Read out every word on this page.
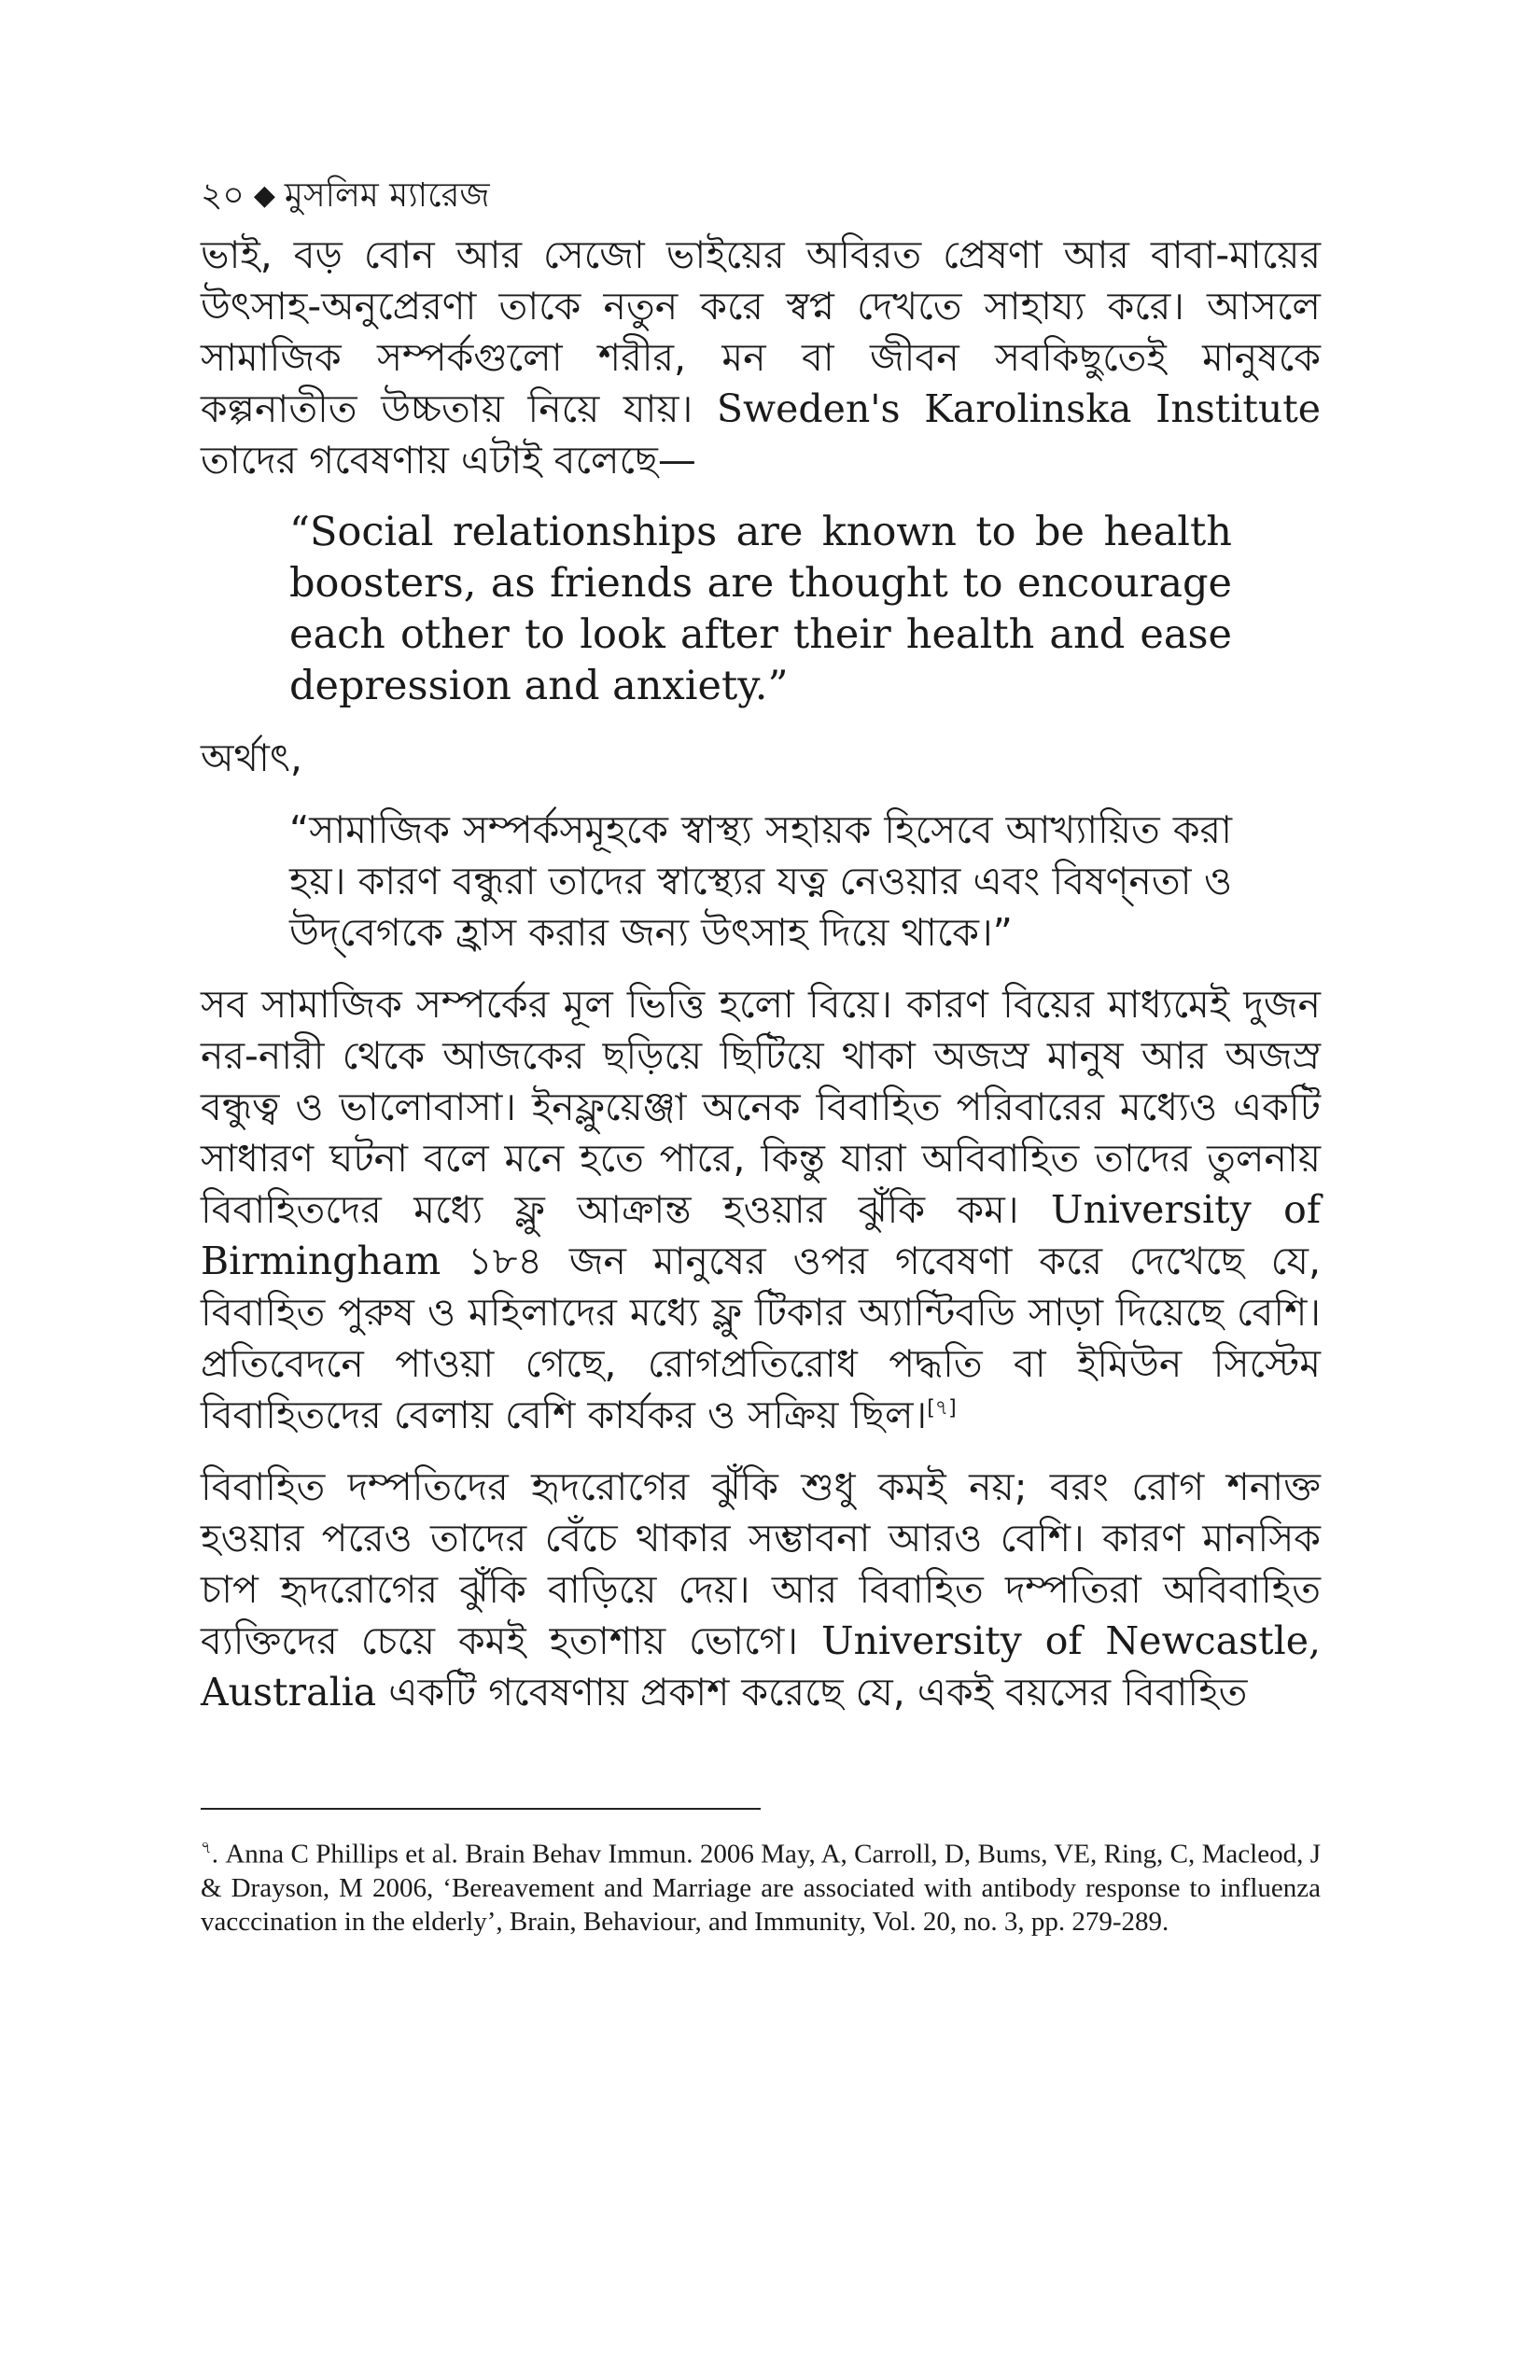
২০ ◆ মুসলিম ম্যারেজ

ভাই, বড় বোন আর সেজো ভাইয়ের অবিরত প্রেষণা আর বাবা-মায়ের উৎসাহ-অনুপ্রেরণা তাকে নতুন করে স্বপ্ন দেখতে সাহায্য করে। আসলে সামাজিক সম্পর্কগুলো শরীর, মন বা জীবন সবকিছুতেই মানুষকে কল্পনাতীত উচ্চতায় নিয়ে যায়। Sweden's Karolinska Institute তাদের গবেষণায় এটাই বলেছে—

“Social relationships are known to be health boosters, as friends are thought to encourage each other to look after their health and ease depression and anxiety.”
অর্থাৎ,
“সামাজিক সম্পর্কসমূহকে স্বাস্থ্য সহায়ক হিসেবে আখ্যায়িত করা হয়। কারণ বন্ধুরা তাদের স্বাস্থ্যের যত্ন নেওয়ার এবং বিষণ্নতা ও উদ্‌বেগকে হ্রাস করার জন্য উৎসাহ দিয়ে থাকে।”

সব সামাজিক সম্পর্কের মূল ভিত্তি হলো বিয়ে। কারণ বিয়ের মাধ্যমেই দুজন নর-নারী থেকে আজকের ছড়িয়ে ছিটিয়ে থাকা অজস্র মানুষ আর অজস্র বন্ধুত্ব ও ভালোবাসা। ইনফ্লুয়েঞ্জা অনেক বিবাহিত পরিবারের মধ্যেও একটি সাধারণ ঘটনা বলে মনে হতে পারে, কিন্তু যারা অবিবাহিত তাদের তুলনায় বিবাহিতদের মধ্যে ফ্লু আক্রান্ত হওয়ার ঝুঁকি কম। University of Birmingham ১৮৪ জন মানুষের ওপর গবেষণা করে দেখেছে যে, বিবাহিত পুরুষ ও মহিলাদের মধ্যে ফ্লু টিকার অ্যান্টিবডি সাড়া দিয়েছে বেশি। প্রতিবেদনে পাওয়া গেছে, রোগপ্রতিরোধ পদ্ধতি বা ইমিউন সিস্টেম বিবাহিতদের বেলায় বেশি কার্যকর ও সক্রিয় ছিল।[৭]

বিবাহিত দম্পতিদের হৃদরোগের ঝুঁকি শুধু কমই নয়; বরং রোগ শনাক্ত হওয়ার পরেও তাদের বেঁচে থাকার সম্ভাবনা আরও বেশি। কারণ মানসিক চাপ হৃদরোগের ঝুঁকি বাড়িয়ে দেয়। আর বিবাহিত দম্পতিরা অবিবাহিত ব্যক্তিদের চেয়ে কমই হতাশায় ভোগে। University of Newcastle, Australia একটি গবেষণায় প্রকাশ করেছে যে, একই বয়সের বিবাহিত

$^৭$. Anna C Phillips et al. Brain Behav Immun. 2006 May, A, Carroll, D, Bums, VE, Ring, C, Macleod, J & Drayson, M 2006, ‘Bereavement and Marriage are associated with antibody response to influenza vacccination in the elderly’, Brain, Behaviour, and Immunity, Vol. 20, no. 3, pp. 279-289.
